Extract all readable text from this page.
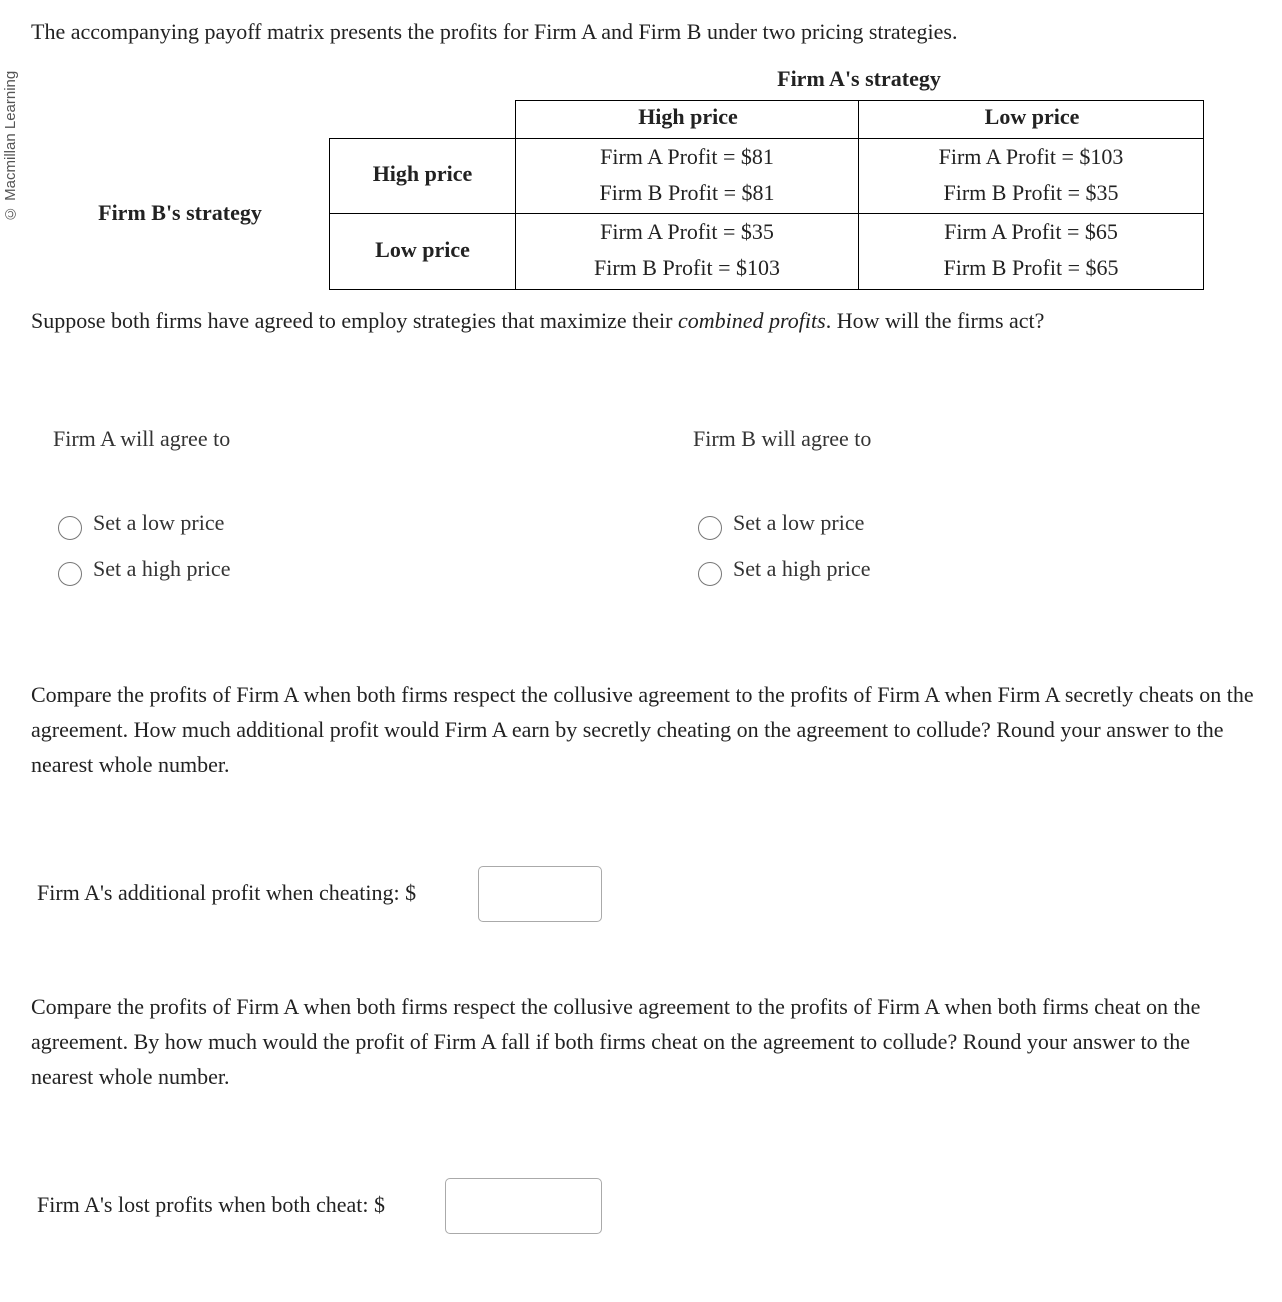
© Macmillan Learning
The accompanying payoff matrix presents the profits for Firm A and Firm B under two pricing strategies.
Firm A's strategy
Firm B's strategy
High price	Low price
High price
Firm A Profit = $81
Firm B Profit = $81
Firm A Profit = $103
Firm B Profit = $35
Low price
Firm A Profit = $35
Firm B Profit = $103
Firm A Profit = $65
Firm B Profit = $65
Suppose both firms have agreed to employ strategies that maximize their combined profits. How will the firms act?
Firm A will agree to
Set a low price
Set a high price
Firm B will agree to
Set a low price
Set a high price
Compare the profits of Firm A when both firms respect the collusive agreement to the profits of Firm A when Firm A secretly cheats on the agreement. How much additional profit would Firm A earn by secretly cheating on the agreement to collude? Round your answer to the nearest whole number.
Firm A's additional profit when cheating: $
Compare the profits of Firm A when both firms respect the collusive agreement to the profits of Firm A when both firms cheat on the agreement. By how much would the profit of Firm A fall if both firms cheat on the agreement to collude? Round your answer to the nearest whole number.
Firm A's lost profits when both cheat: $
